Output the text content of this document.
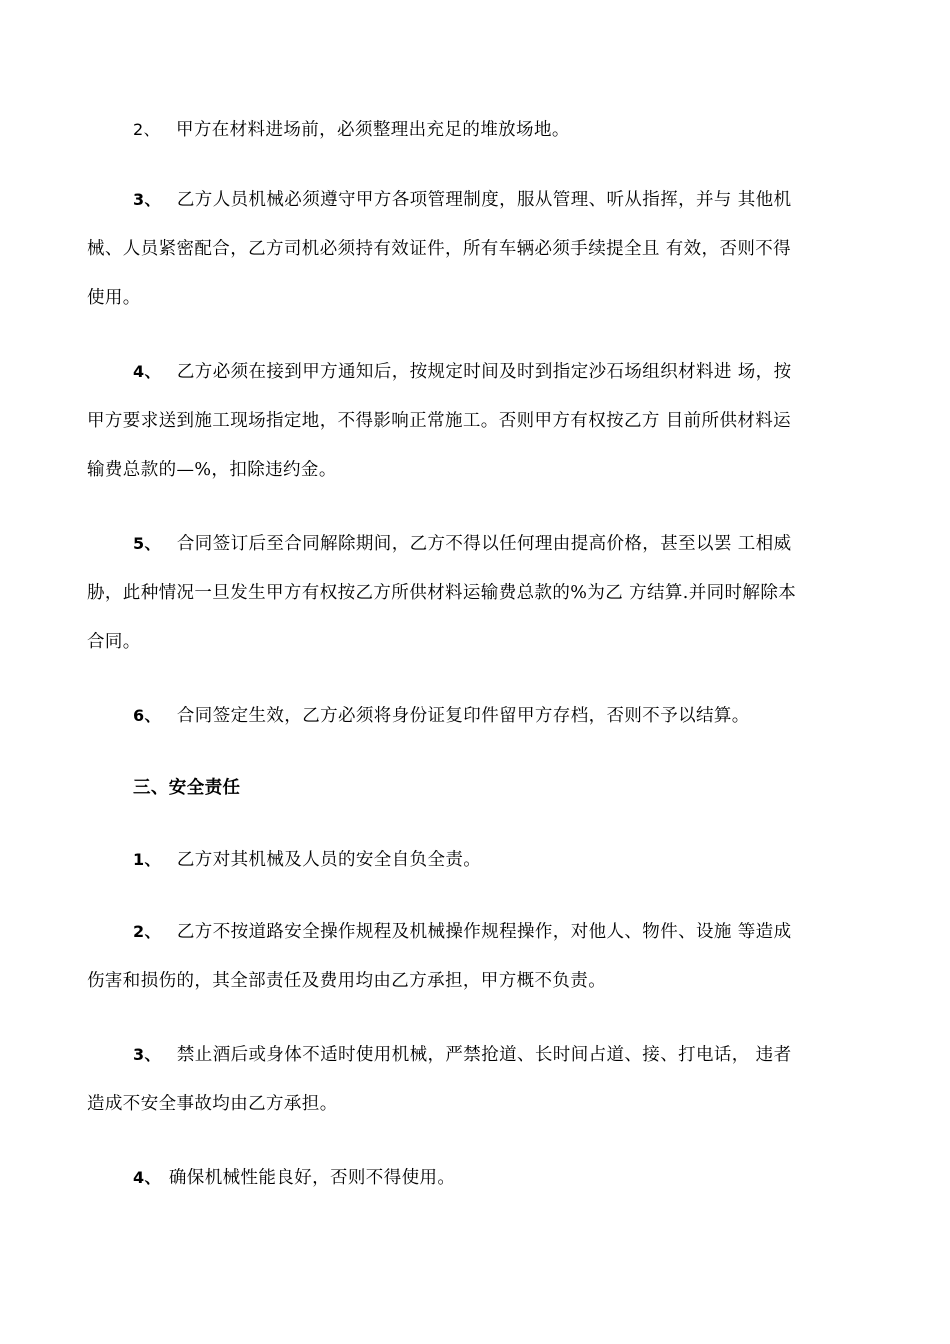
2、 甲方在材料进场前，必须整理出充足的堆放场地。
3、 乙方人员机械必须遵守甲方各项管理制度，服从管理、听从指挥，并与 其他机
械、人员紧密配合，乙方司机必须持有效证件，所有车辆必须手续提全且 有效，否则不得
使用。
4、 乙方必须在接到甲方通知后，按规定时间及时到指定沙石场组织材料进 场，按
甲方要求送到施工现场指定地，不得影响正常施工。否则甲方有权按乙方 目前所供材料运
输费总款的—%，扣除违约金。
5、 合同签订后至合同解除期间，乙方不得以任何理由提高价格，甚至以罢 工相威
胁，此种情况一旦发生甲方有权按乙方所供材料运输费总款的%为乙 方结算.并同时解除本
合同。
6、 合同签定生效，乙方必须将身份证复印件留甲方存档，否则不予以结算。
三、安全责任
1、 乙方对其机械及人员的安全自负全责。
2、 乙方不按道路安全操作规程及机械操作规程操作，对他人、物件、设施 等造成
伤害和损伤的，其全部责任及费用均由乙方承担，甲方概不负责。
3、 禁止酒后或身体不适时使用机械，严禁抢道、长时间占道、接、打电话， 违者
造成不安全事故均由乙方承担。
4、 确保机械性能良好，否则不得使用。
